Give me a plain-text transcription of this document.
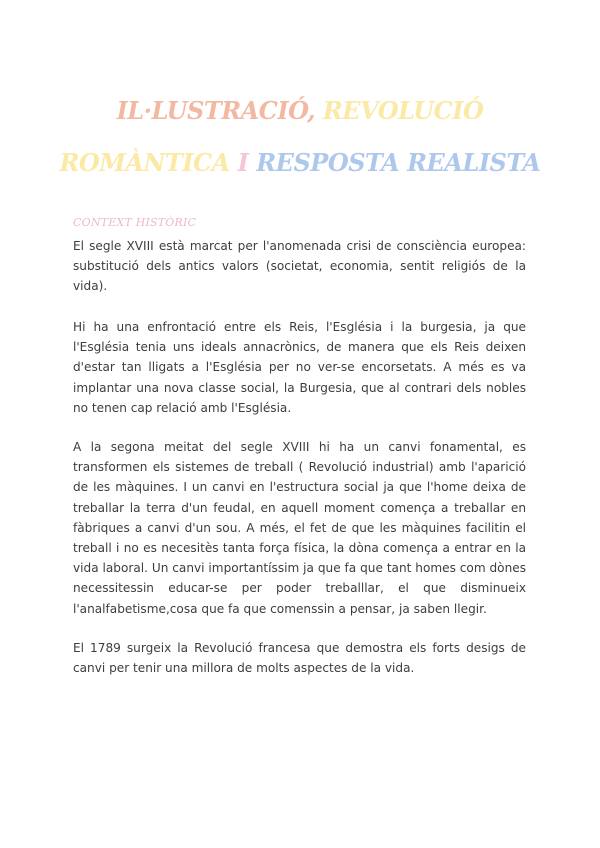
IL·LUSTRACIÓ, REVOLUCIÓ
ROMÀNTICA I RESPOSTA REALISTA
CONTEXT HISTÒRIC

El segle XVIII està marcat per l'anomenada crisi de consciència europea: substitució dels antics valors (societat, economia, sentit religiós de la vida).

Hi ha una enfrontació entre els Reis, l'Església i la burgesia, ja que l'Església tenia uns ideals annacrònics, de manera que els Reis deixen d'estar tan lligats a l'Església per no ver-se encorsetats. A més es va implantar una nova classe social, la Burgesia, que al contrari dels nobles no tenen cap relació amb l'Església.

A la segona meitat del segle XVIII hi ha un canvi fonamental, es transformen els sistemes de treball ( Revolució industrial) amb l'aparició de les màquines. I un canvi en l'estructura social ja que l'home deixa de treballar la terra d'un feudal, en aquell moment comença a treballar en fàbriques a canvi d'un sou. A més, el fet de que les màquines facilitin el treball i no es necesitès tanta força física, la dòna comença a entrar en la vida laboral. Un canvi importantíssim ja que fa que tant homes com dònes necessitessin educar-se per poder treballlar, el que disminueix l'analfabetisme,cosa que fa que comenssin a pensar, ja saben llegir.

El 1789 surgeix la Revolució francesa que demostra els forts desigs de canvi per tenir una millora de molts aspectes de la vida.
